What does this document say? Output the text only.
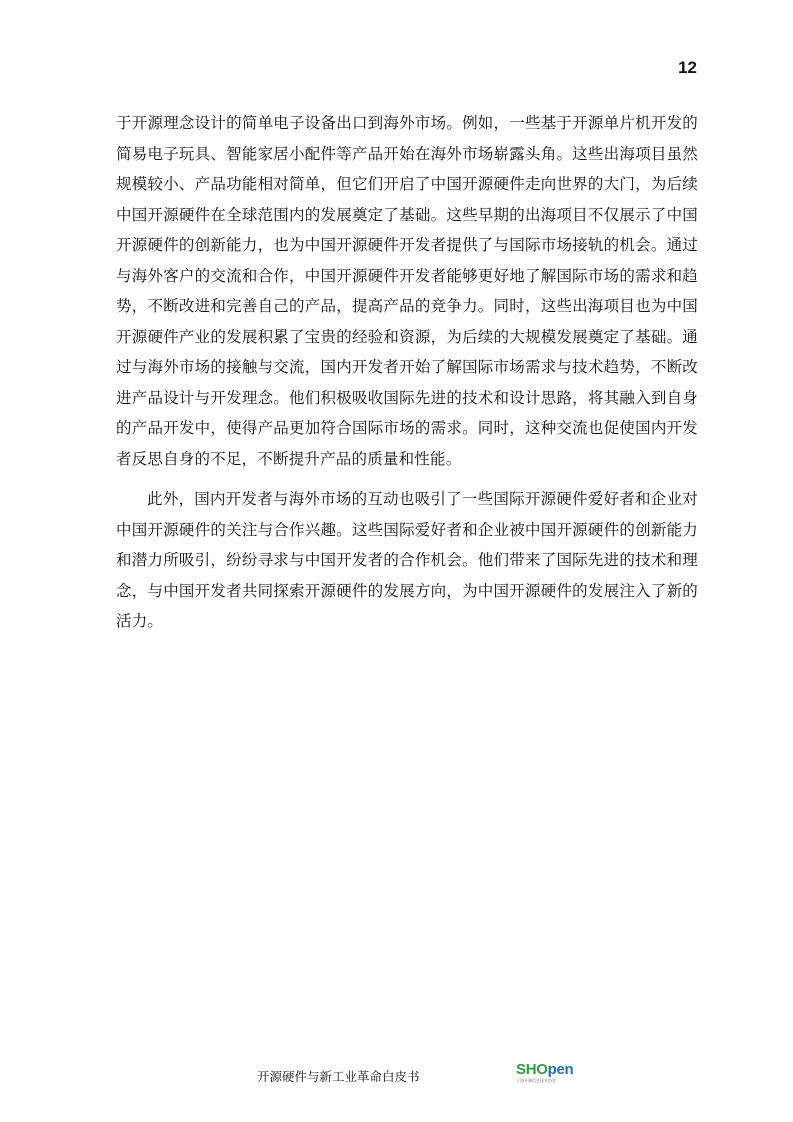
12

于开源理念设计的简单电子设备出口到海外市场。例如，一些基于开源单片机开发的简易电子玩具、智能家居小配件等产品开始在海外市场崭露头角。这些出海项目虽然规模较小、产品功能相对简单，但它们开启了中国开源硬件走向世界的大门，为后续中国开源硬件在全球范围内的发展奠定了基础。这些早期的出海项目不仅展示了中国开源硬件的创新能力，也为中国开源硬件开发者提供了与国际市场接轨的机会。通过与海外客户的交流和合作，中国开源硬件开发者能够更好地了解国际市场的需求和趋势，不断改进和完善自己的产品，提高产品的竞争力。同时，这些出海项目也为中国开源硬件产业的发展积累了宝贵的经验和资源，为后续的大规模发展奠定了基础。通过与海外市场的接触与交流，国内开发者开始了解国际市场需求与技术趋势，不断改进产品设计与开发理念。他们积极吸收国际先进的技术和设计思路，将其融入到自身的产品开发中，使得产品更加符合国际市场的需求。同时，这种交流也促使国内开发者反思自身的不足，不断提升产品的质量和性能。

此外，国内开发者与海外市场的互动也吸引了一些国际开源硬件爱好者和企业对中国开源硬件的关注与合作兴趣。这些国际爱好者和企业被中国开源硬件的创新能力和潜力所吸引，纷纷寻求与中国开发者的合作机会。他们带来了国际先进的技术和理念，与中国开发者共同探索开源硬件的发展方向，为中国开源硬件的发展注入了新的活力。

开源硬件与新工业革命白皮书	SHOpen
上海开源信息技术协会
